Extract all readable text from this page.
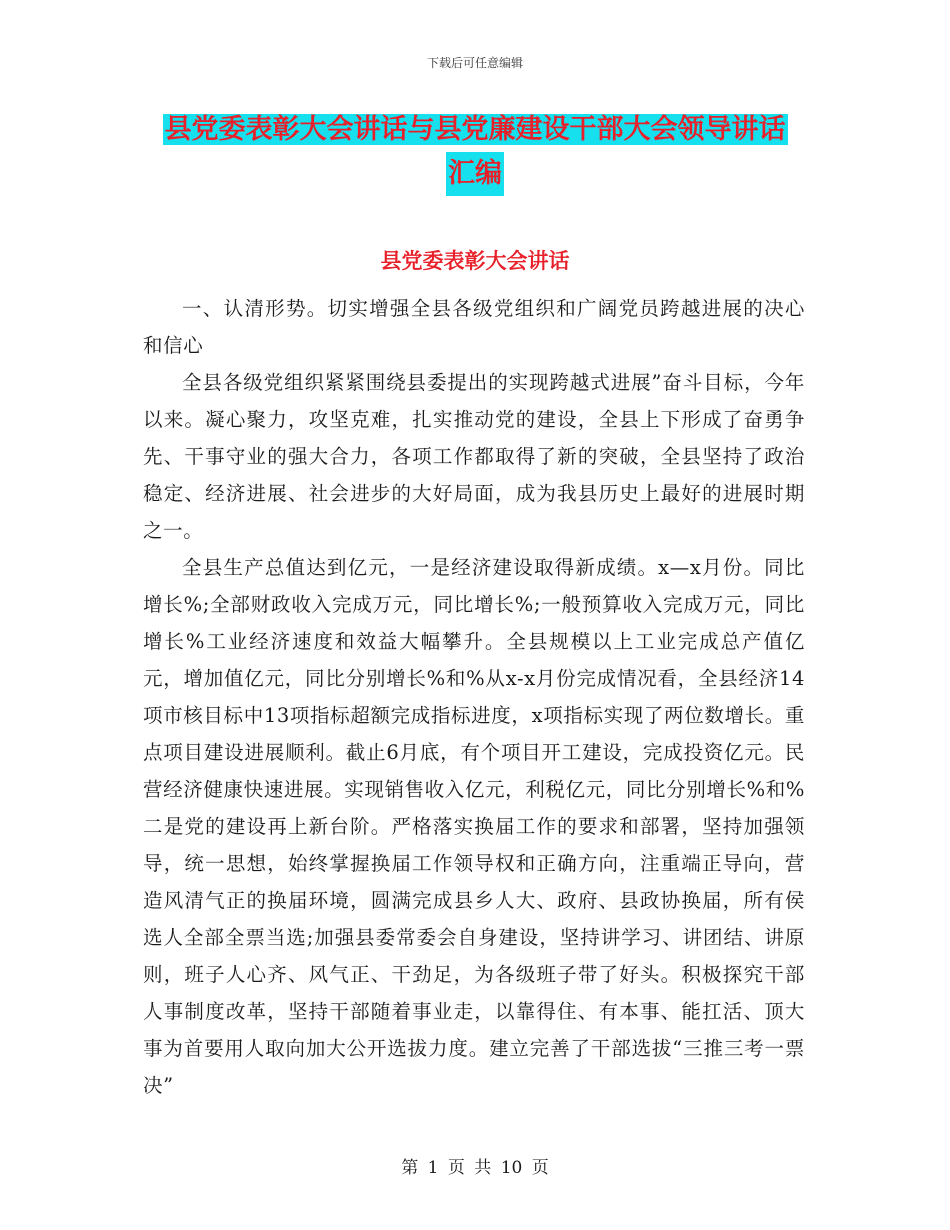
下载后可任意编辑
县党委表彰大会讲话与县党廉建设干部大会领导讲话
汇编
县党委表彰大会讲话

一、认清形势。切实增强全县各级党组织和广阔党员跨越进展的决心和信心

全县各级党组织紧紧围绕县委提出的实现跨越式进展”奋斗目标，今年以来。凝心聚力，攻坚克难，扎实推动党的建设，全县上下形成了奋勇争先、干事守业的强大合力，各项工作都取得了新的突破，全县坚持了政治稳定、经济进展、社会进步的大好局面，成为我县历史上最好的进展时期之一。

全县生产总值达到亿元，一是经济建设取得新成绩。x—x月份。同比增长%;全部财政收入完成万元，同比增长%;一般预算收入完成万元，同比增长%工业经济速度和效益大幅攀升。全县规模以上工业完成总产值亿元，增加值亿元，同比分别增长%和%从x-x月份完成情况看，全县经济14项市核目标中13项指标超额完成指标进度，x项指标实现了两位数增长。重点项目建设进展顺利。截止6月底，有个项目开工建设，完成投资亿元。民营经济健康快速进展。实现销售收入亿元，利税亿元，同比分别增长%和%二是党的建设再上新台阶。严格落实换届工作的要求和部署，坚持加强领导，统一思想，始终掌握换届工作领导权和正确方向，注重端正导向，营造风清气正的换届环境，圆满完成县乡人大、政府、县政协换届，所有侯选人全部全票当选;加强县委常委会自身建设，坚持讲学习、讲团结、讲原则，班子人心齐、风气正、干劲足，为各级班子带了好头。积极探究干部人事制度改革，坚持干部随着事业走，以靠得住、有本事、能扛活、顶大事为首要用人取向加大公开选拔力度。建立完善了干部选拔“三推三考一票决”

第 1 页 共 10 页
